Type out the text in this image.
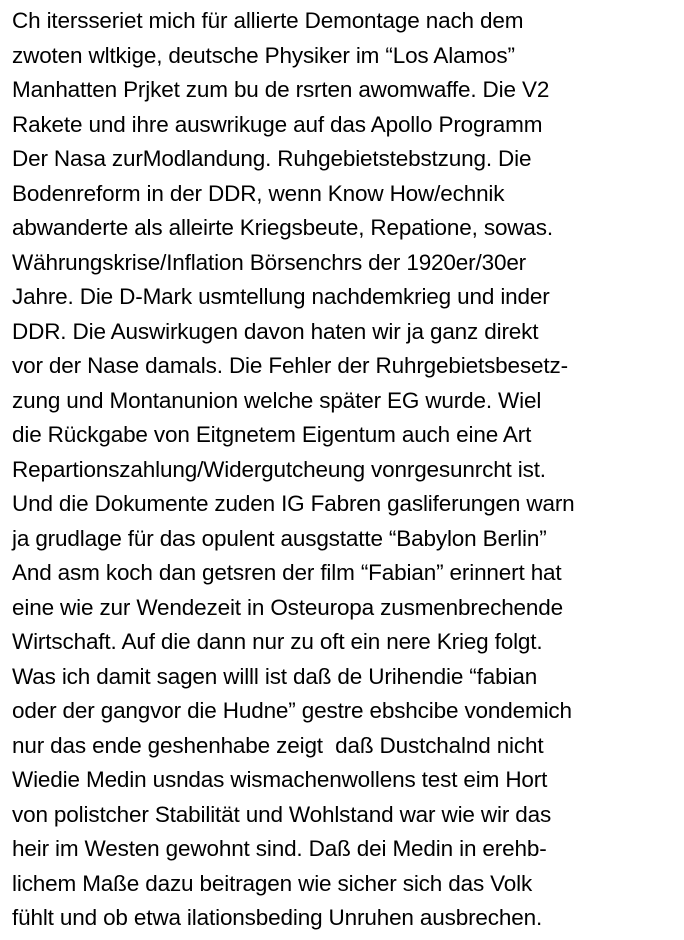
Ch itersseriet mich für allierte Demontage nach dem
zwoten wltkige, deutsche Physiker im “Los Alamos”
Manhatten Prjket zum bu de rsrten awomwaffe. Die V2
Rakete und ihre auswrikuge auf das Apollo Programm
Der Nasa zurModlandung. Ruhgebietstebstzung. Die
Bodenreform in der DDR, wenn Know How/echnik
abwanderte als alleirte Kriegsbeute, Repatione, sowas.
Währungskrise/Inflation Börsenchrs der 1920er/30er
Jahre. Die D-Mark usmtellung nachdemkrieg und inder
DDR. Die Auswirkugen davon haten wir ja ganz direkt
vor der Nase damals. Die Fehler der Ruhrgebietsbesetz-
zung und Montanunion welche später EG wurde. Wiel
die Rückgabe von Eitgnetem Eigentum auch eine Art
Repartionszahlung/Widergutcheung vonrgesunrcht ist.
Und die Dokumente zuden IG Fabren gasliferungen warn
ja grudlage für das opulent ausgstatte “Babylon Berlin”
And asm koch dan getsren der film “Fabian” erinnert hat
eine wie zur Wendezeit in Osteuropa zusmenbrechende
Wirtschaft. Auf die dann nur zu oft ein nere Krieg folgt.
Was ich damit sagen willl ist daß de Urihendie “fabian
oder der gangvor die Hudne” gestre ebshcibe vondemich
nur das ende geshenhabe zeigt  daß Dustchalnd nicht
Wiedie Medin usndas wismachenwollens test eim Hort
von polistcher Stabilität und Wohlstand war wie wir das
heir im Westen gewohnt sind. Daß dei Medin in erehb-
lichem Maße dazu beitragen wie sicher sich das Volk
fühlt und ob etwa ilationsbeding Unruhen ausbrechen.
